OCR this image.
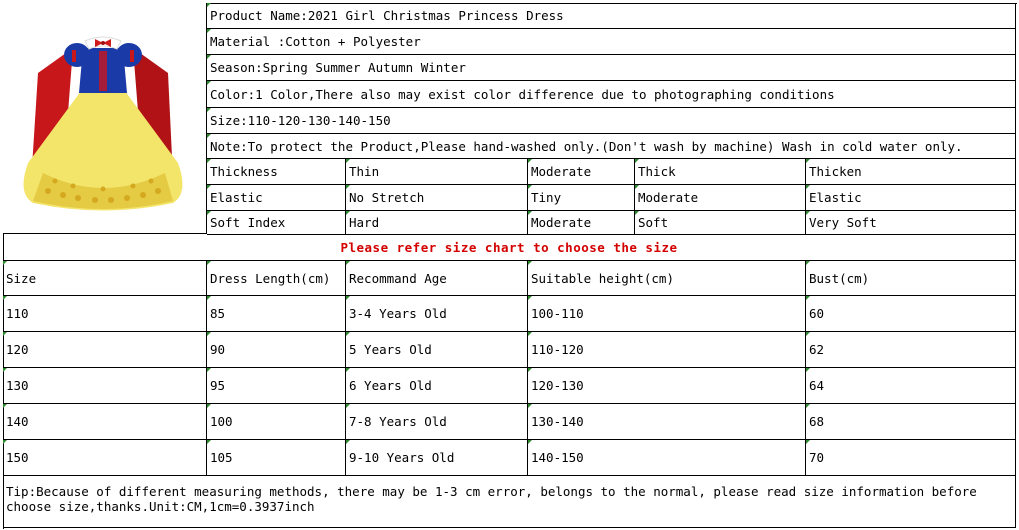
Product Name:2021 Girl Christmas Princess Dress
Material :Cotton + Polyester
Season:Spring Summer Autumn Winter
Color:1 Color,There also may exist color difference due to photographing conditions
Size:110-120-130-140-150
Note:To protect the Product,Please hand-washed only.(Don't wash by machine) Wash in cold water only.
Thickness	Thin	Moderate	Thick	Thicken
Elastic	No Stretch	Tiny	Moderate	Elastic
Soft Index	Hard	Moderate	Soft	Very Soft
Please refer size chart to choose the size
Size	Dress Length(cm)	Recommand Age	Suitable height(cm)	Bust(cm)
110	85	3-4 Years Old	100-110	60
120	90	5 Years Old	110-120	62
130	95	6 Years Old	120-130	64
140	100	7-8 Years Old	130-140	68
150	105	9-10 Years Old	140-150	70
Tip:Because of different measuring methods, there may be 1-3 cm error, belongs to the normal, please read size information before choose size,thanks.Unit:CM,1cm=0.3937inch
